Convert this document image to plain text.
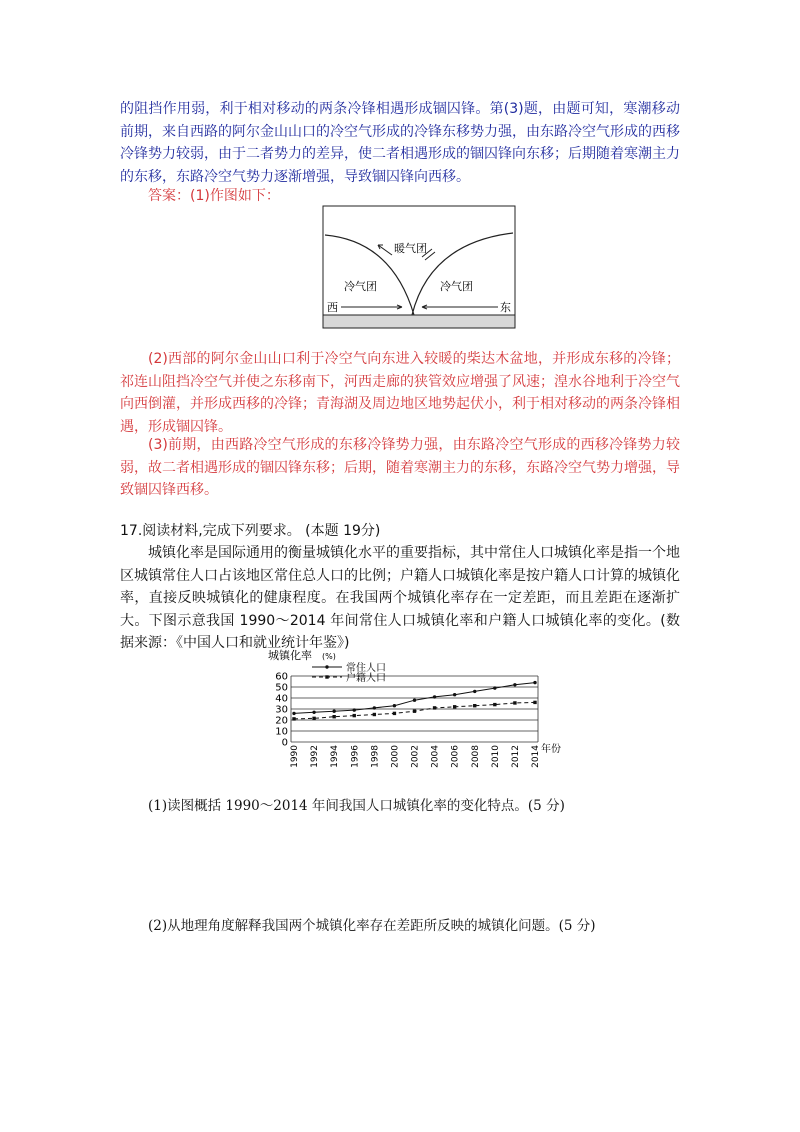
的阻挡作用弱，利于相对移动的两条冷锋相遇形成锢囚锋。第(3)题，由题可知，寒潮移动前期，来自西路的阿尔金山山口的冷空气形成的冷锋东移势力强，由东路冷空气形成的西移冷锋势力较弱，由于二者势力的差异，使二者相遇形成的锢囚锋向东移；后期随着寒潮主力的东移，东路冷空气势力逐渐增强，导致锢囚锋向西移。

答案：(1)作图如下：

暖气团
冷气团	冷气团
西	东

(2)西部的阿尔金山山口利于冷空气向东进入较暖的柴达木盆地，并形成东移的冷锋；祁连山阻挡冷空气并使之东移南下，河西走廊的狭管效应增强了风速；湟水谷地利于冷空气向西倒灌，并形成西移的冷锋；青海湖及周边地区地势起伏小，利于相对移动的两条冷锋相遇，形成锢囚锋。

(3)前期，由西路冷空气形成的东移冷锋势力强，由东路冷空气形成的西移冷锋势力较弱，故二者相遇形成的锢囚锋东移；后期，随着寒潮主力的东移，东路冷空气势力增强，导致锢囚锋西移。

17.阅读材料,完成下列要求。 (本题 19分)

城镇化率是国际通用的衡量城镇化水平的重要指标，其中常住人口城镇化率是指一个地区城镇常住人口占该地区常住总人口的比例；户籍人口城镇化率是按户籍人口计算的城镇化率，直接反映城镇化的健康程度。在我国两个城镇化率存在一定差距，而且差距在逐渐扩大。下图示意我国 1990～2014 年间常住人口城镇化率和户籍人口城镇化率的变化。(数据来源：《中国人口和就业统计年鉴》)

城镇化率 (%)
0
10
20
30
40
50
60
1990 1992 1994 1996 1998 2000 2002 2004 2006 2008 2010 2012 2014 年份
常住人口
户籍人口

(1)读图概括 1990～2014 年间我国人口城镇化率的变化特点。(5 分)

(2)从地理角度解释我国两个城镇化率存在差距所反映的城镇化问题。(5 分)
